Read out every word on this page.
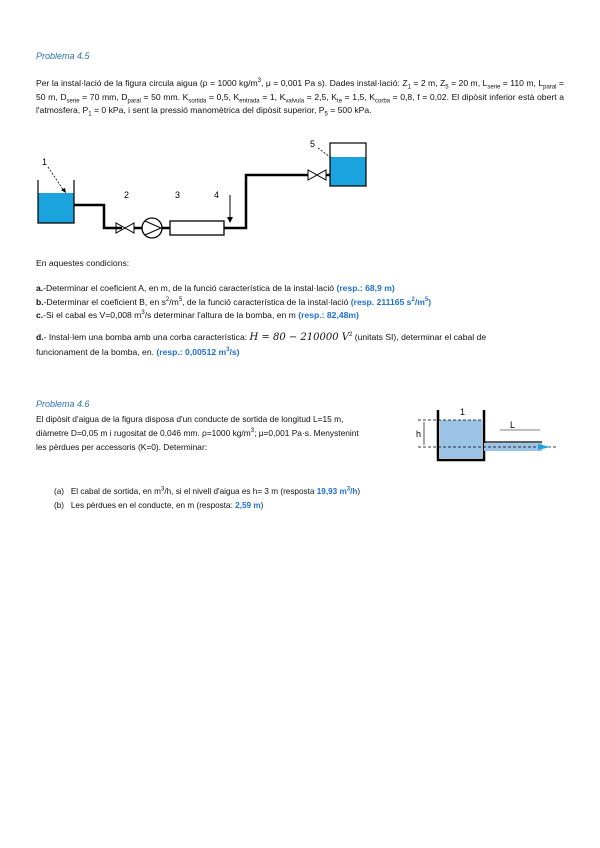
Problema 4.5
Per la instal·lació de la figura circula aigua (ρ = 1000 $kg/m^3$, μ = 0,001 Pa s). Dades instal·lació: $Z_1 = 2$ m, $Z_5 = 20$ m, $L_{serie} = 110$ m, $L_{paral} = 50$ m, $D_{serie} = 70$ mm, $D_{paral} = 50$ mm. $K_{sortida} = 0,5$, $K_{entrada} = 1$, $K_{valvula} = 2,5$, $K_{te} = 1,5$, $K_{corba} = 0,8$, f = 0,02. El dipòsit inferior està obert a l'atmosfera, $P_1 = 0$ kPa, i sent la pressió manomètrica del dipòsit superior, $P_5 = 500$ kPa.
1
2	3	4
5
En aquestes condicions:
a.-Determinar el coeficient A, en m, de la funció característica de la instal·lació (resp.: 68,9 m)
b.-Determinar el coeficient B, en $s^2/m^5$, de la funció característica de la instal·lació (resp. 211165 $s^2/m^5$)
c.-Si el cabal es V=0,008 $m^3/s$ determinar l'altura de la bomba, en m (resp.: 82,48m)
d.- Instal·lem una bomba amb una corba característica: H = 80 − 210000 $V^2$ (unitats SI), determinar el cabal de
funcionament de la bomba, en. (resp.: 0,00512 $m^3/s$)
Problema 4.6
El dipòsit d'aigua de la figura disposa d'un conducte de sortida de longitud L=15 m,
diàmetre D=0,05 m i rugositat de 0,046 mm. ρ=1000 $kg/m^3$; μ=0,001 Pa·s. Menystenint
les pèrdues per accessoris (K=0). Determinar:
1
h
L
(a) El cabal de sortida, en $m^3/h$, si el nivell d'aigua es h= 3 m (resposta 19,93 $m^3/h$)
(b) Les pèrdues en el conducte, en m (resposta: 2,59 m)
